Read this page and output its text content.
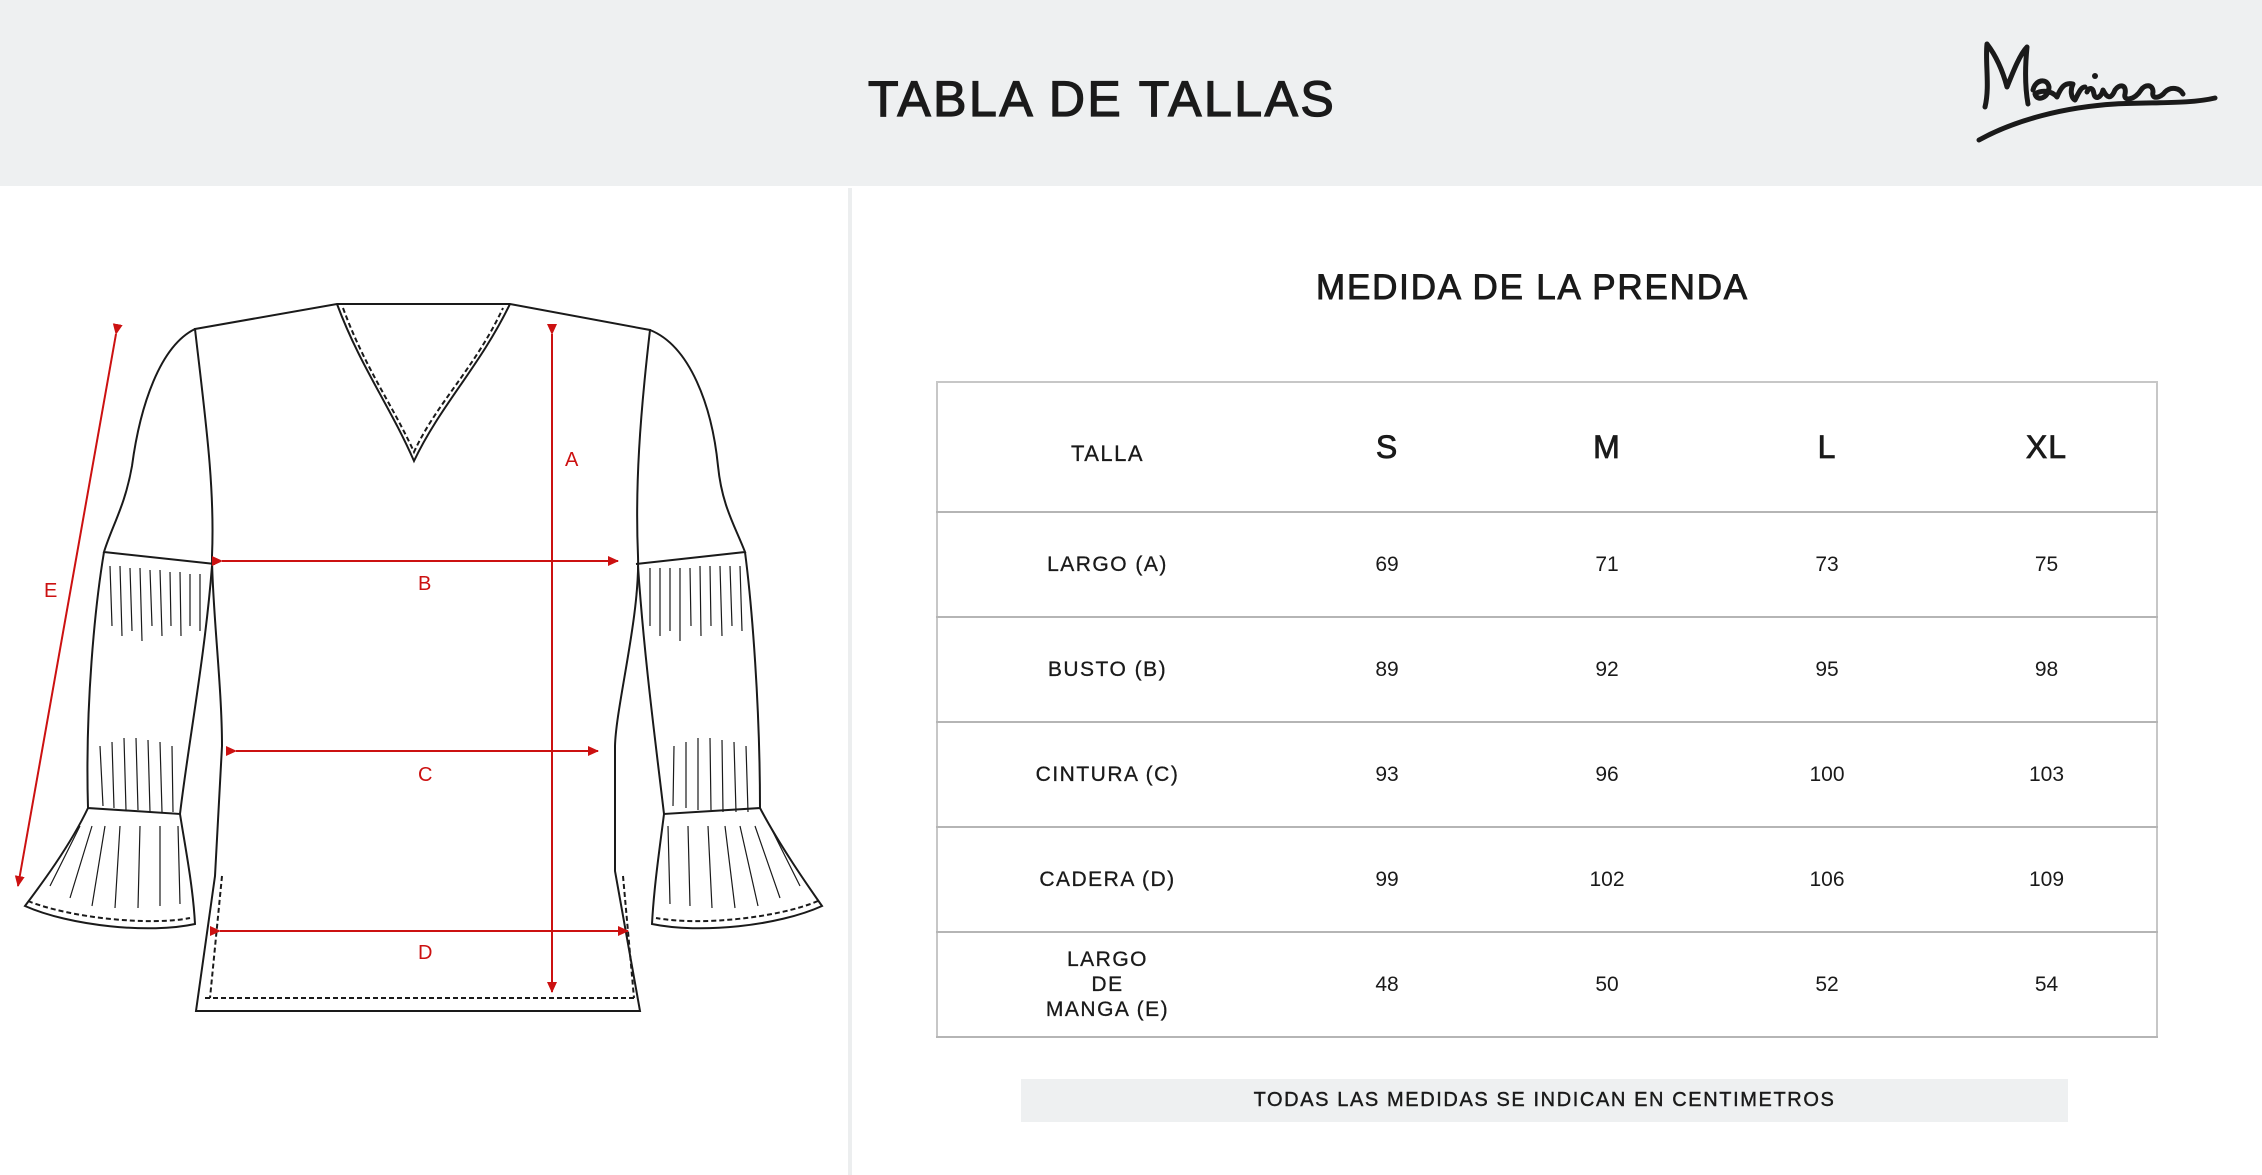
TABLA DE TALLAS
A
B
C
D
E
MEDIDA DE LA PRENDA
TALLA	S	M	L	XL
LARGO (A)	69	71	73	75
BUSTO (B)	89	92	95	98
CINTURA (C)	93	96	100	103
CADERA (D)	99	102	106	109
LARGO
DE
MANGA (E)	48	50	52	54
TODAS LAS MEDIDAS SE INDICAN EN CENTIMETROS
